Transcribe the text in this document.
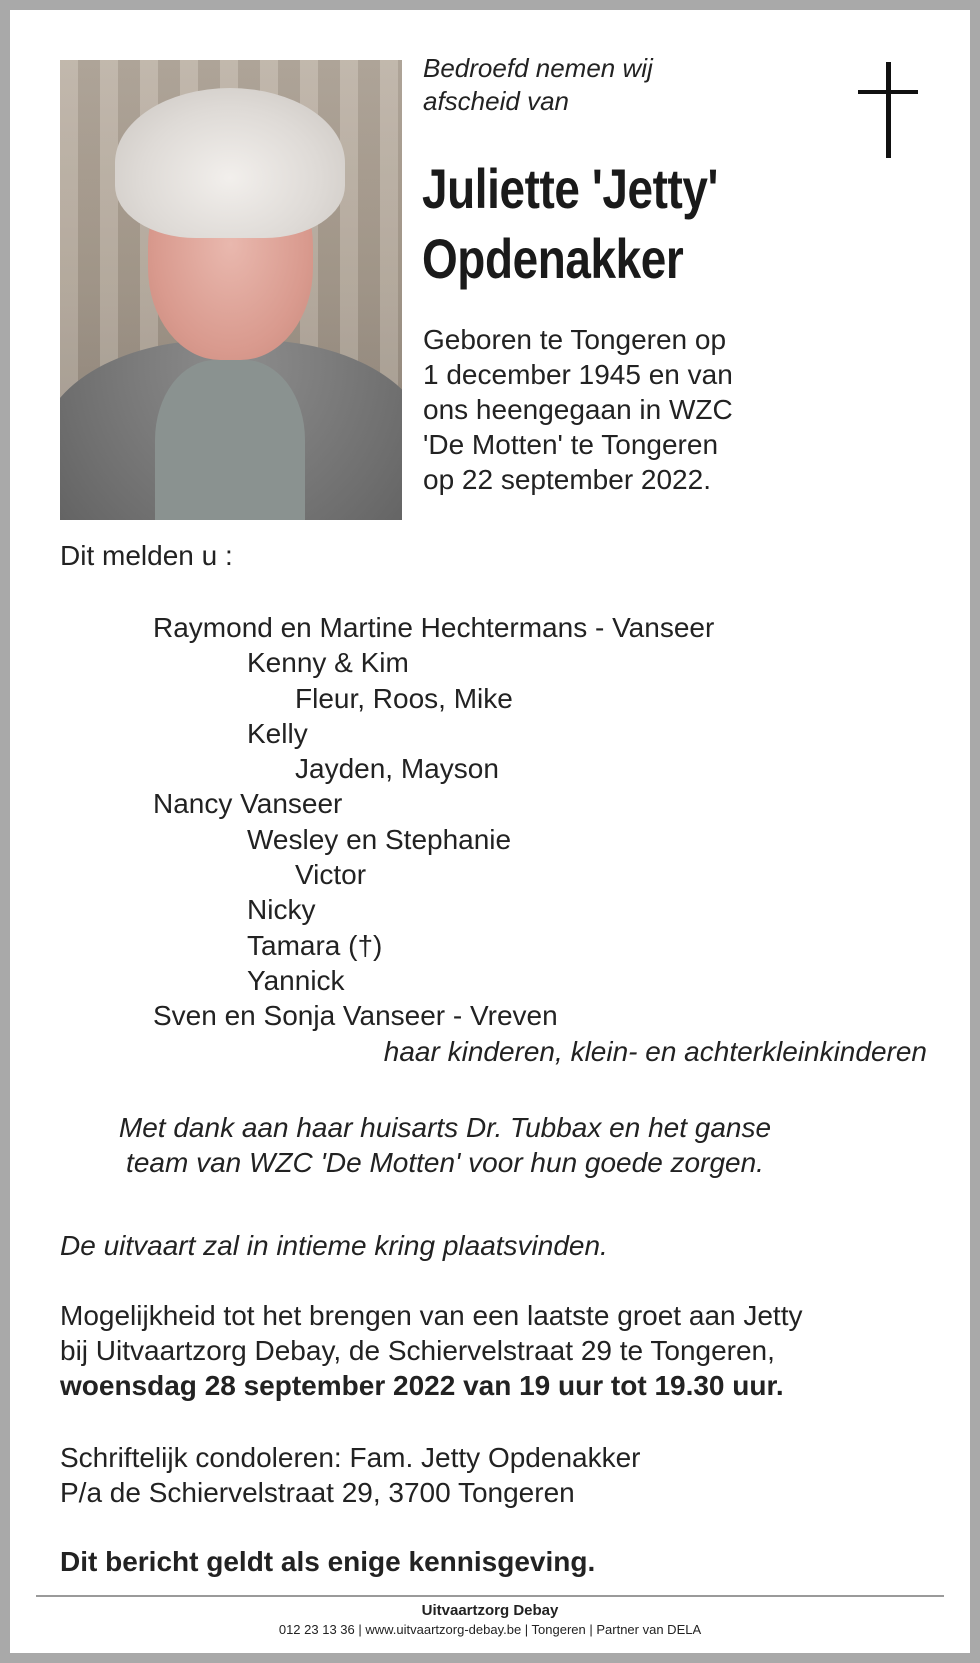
Bedroefd nemen wij
afscheid van

Juliette 'Jetty'
Opdenakker

Geboren te Tongeren op
1 december 1945 en van
ons heengegaan in WZC
'De Motten' te Tongeren
op 22 september 2022.

Dit melden u :
Raymond en Martine Hechtermans - Vanseer
Kenny & Kim
Fleur, Roos, Mike
Kelly
Jayden, Mayson
Nancy Vanseer
Wesley en Stephanie
Victor
Nicky
Tamara (†)
Yannick
Sven en Sonja Vanseer - Vreven
haar kinderen, klein- en achterkleinkinderen
Met dank aan haar huisarts Dr. Tubbax en het ganse
team van WZC 'De Motten' voor hun goede zorgen.
De uitvaart zal in intieme kring plaatsvinden.
Mogelijkheid tot het brengen van een laatste groet aan Jetty
bij Uitvaartzorg Debay, de Schiervelstraat 29 te Tongeren,
woensdag 28 september 2022 van 19 uur tot 19.30 uur.
Schriftelijk condoleren: Fam. Jetty Opdenakker
P/a de Schiervelstraat 29, 3700 Tongeren
Dit bericht geldt als enige kennisgeving.
Uitvaartzorg Debay
012 23 13 36 | www.uitvaartzorg-debay.be | Tongeren | Partner van DELA
